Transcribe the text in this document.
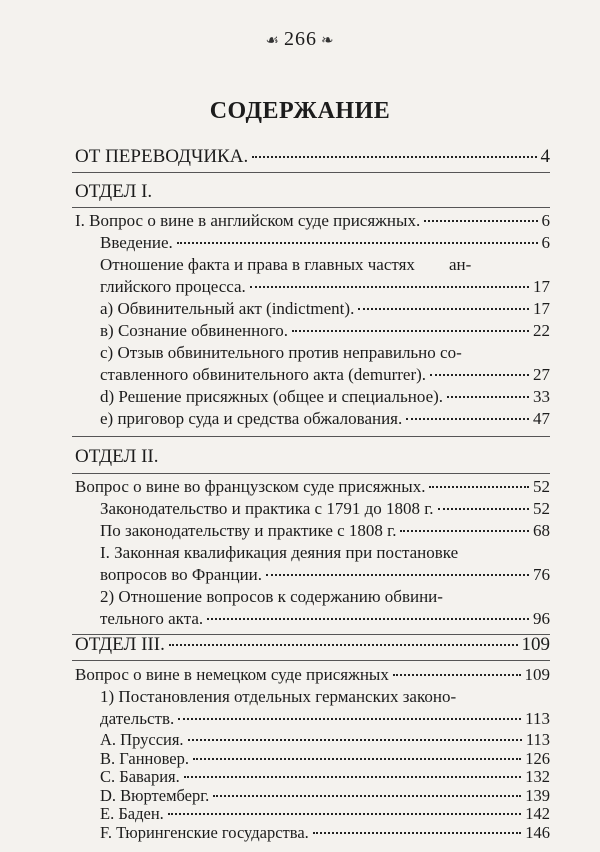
☙ 266 ❧
СОДЕРЖАНИЕ
ОТ ПЕРЕВОДЧИКА.	4
ОТДЕЛ I.
I. Вопрос о вине в английском суде присяжных.	6
Введение.	6
Отношение факта и права в главных частях ан-
глийского процесса.	17
а) Обвинительный акт (indictment).	17
в) Сознание обвиненного.	22
с) Отзыв обвинительного против неправильно со-
ставленного обвинительного акта (demurrer).	27
d) Решение присяжных (общее и специальное).	33
е) приговор суда и средства обжалования.	47
ОТДЕЛ II.
Вопрос о вине во французском суде присяжных.	52
Законодательство и практика с 1791 до 1808 г.	52
По законодательству и практике с 1808 г.	68
I. Законная квалификация деяния при постановке
вопросов во Франции.	76
2) Отношение вопросов к содержанию обвини-
тельного акта.	96
ОТДЕЛ III.	109
Вопрос о вине в немецком суде присяжных	109
1) Постановления отдельных германских законо-
дательств.	113
A. Пруссия.	113
B. Ганновер.	126
C. Бавария.	132
D. Вюртемберг.	139
E. Баден.	142
F. Тюрингенские государства.	146
